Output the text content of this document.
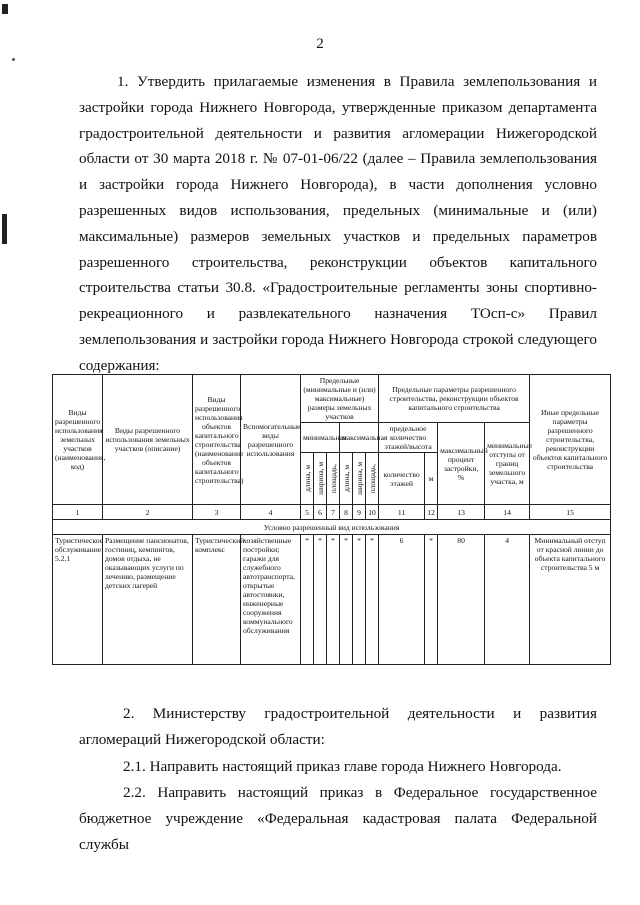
2
1. Утвердить прилагаемые изменения в Правила землепользования и застройки города Нижнего Новгорода, утвержденные приказом департамента градостроительной деятельности и развития агломерации Нижегородской области от 30 марта 2018 г. № 07-01-06/22 (далее – Правила землепользования и застройки города Нижнего Новгорода), в части дополнения условно разрешенных видов использования, предельных (минимальные и (или) максимальные) размеров земельных участков и предельных параметров разрешенного строительства, реконструкции объектов капитального строительства статьи 30.8. «Градостроительные регламенты зоны спортивно-рекреационного и развлекательного назначения ТОсп-с» Правил землепользования и застройки города Нижнего Новгорода строкой следующего содержания:
Виды разрешенного использования земельных участков (наименования, код)	Виды разрешенного использования земельных участков (описание)	Виды разрешенного использования объектов капитального строительства (наименование объектов капитального строительства)	Вспомогательные виды разрешенного использования	Предельные (минимальные и (или) максимальные) размеры земельных участков						Предельные параметры разрешенного строительства, реконструкции объектов капитального строительства				Иные предельные параметры разрешенного строительства, реконструкции объектов капитального строительства
				минимальная			максимальная			предельное количество этажей/высота		максимальный процент застройки, %	минимальные отступы от границ земельного участка, м	
										количество этажей	м			

				длина, м	ширина, м	площадь,	длина, м	ширина, м	площадь,					

1	2	3	4	5	6	7	8	9	10	11	12	13	14	15
Условно разрешенный вид использования														
Туристическое обслуживание 5.2.1	Размещение пансионатов, гостиниц, кемпингов, домов отдыха, не оказывающих услуги по лечению, размещение детских лагерей	Туристический комплекс	хозяйственные постройки; гаражи для служебного автотранспорта, открытые автостоянки, инженерные сооружения коммунального обслуживания	*	*	*	*	*	*	6	*	80	4	Минимальный отступ от красной линии до объекта капитального строительства 5 м
2. Министерству градостроительной деятельности и развития агломераций Нижегородской области:
2.1. Направить настоящий приказ главе города Нижнего Новгорода.
2.2. Направить настоящий приказ в Федеральное государственное бюджетное учреждение «Федеральная кадастровая палата Федеральной службы
